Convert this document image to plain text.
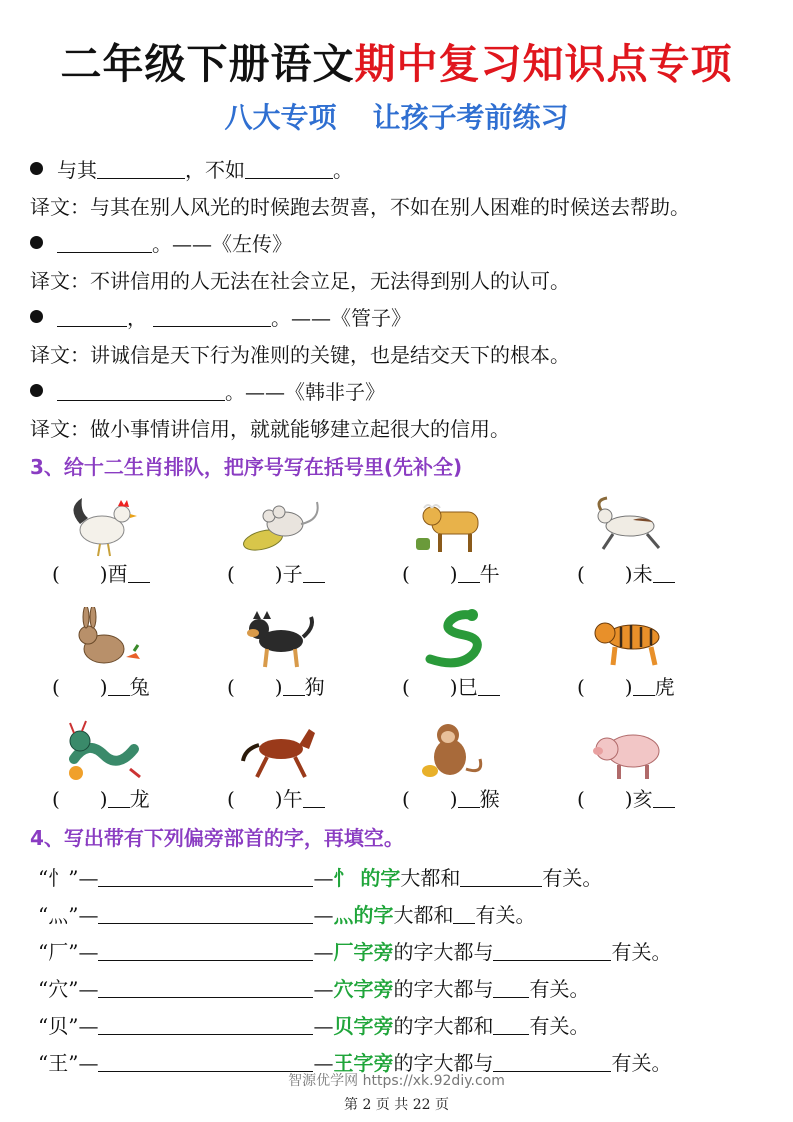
二年级下册语文期中复习知识点专项
八大专项 让孩子考前练习
与其	，不如	。
译文：与其在别人风光的时候跑去贺喜，不如在别人困难的时候送去帮助。
。——《左传》
译文：不讲信用的人无法在社会立足，无法得到别人的认可。
，	。——《管子》
译文：讲诚信是天下行为准则的关键，也是结交天下的根本。
。——《韩非子》
译文：做小事情讲信用，就就能够建立起很大的信用。
3、给十二生肖排队，把序号写在括号里(先补全)
(　　)酉	(　　)子	(　　) 牛	(　　)未
(　　) 兔	(　　) 狗	(　　)巳	(　　) 虎
(　　) 龙	(　　)午	(　　) 猴	(　　)亥
4、写出带有下列偏旁部首的字，再填空。
“忄”—	—忄 的字大都和	有关。
“灬”—	—灬的字大都和 有关。
“厂”—	—厂字旁的字大都与	有关。
“穴”—	—穴字旁的字大都与 有关。
“贝”—	—贝字旁的字大都和 有关。
“王”—	—王字旁的字大都与	有关。
智源优学网 https://xk.92diy.com
第 2 页 共 22 页
